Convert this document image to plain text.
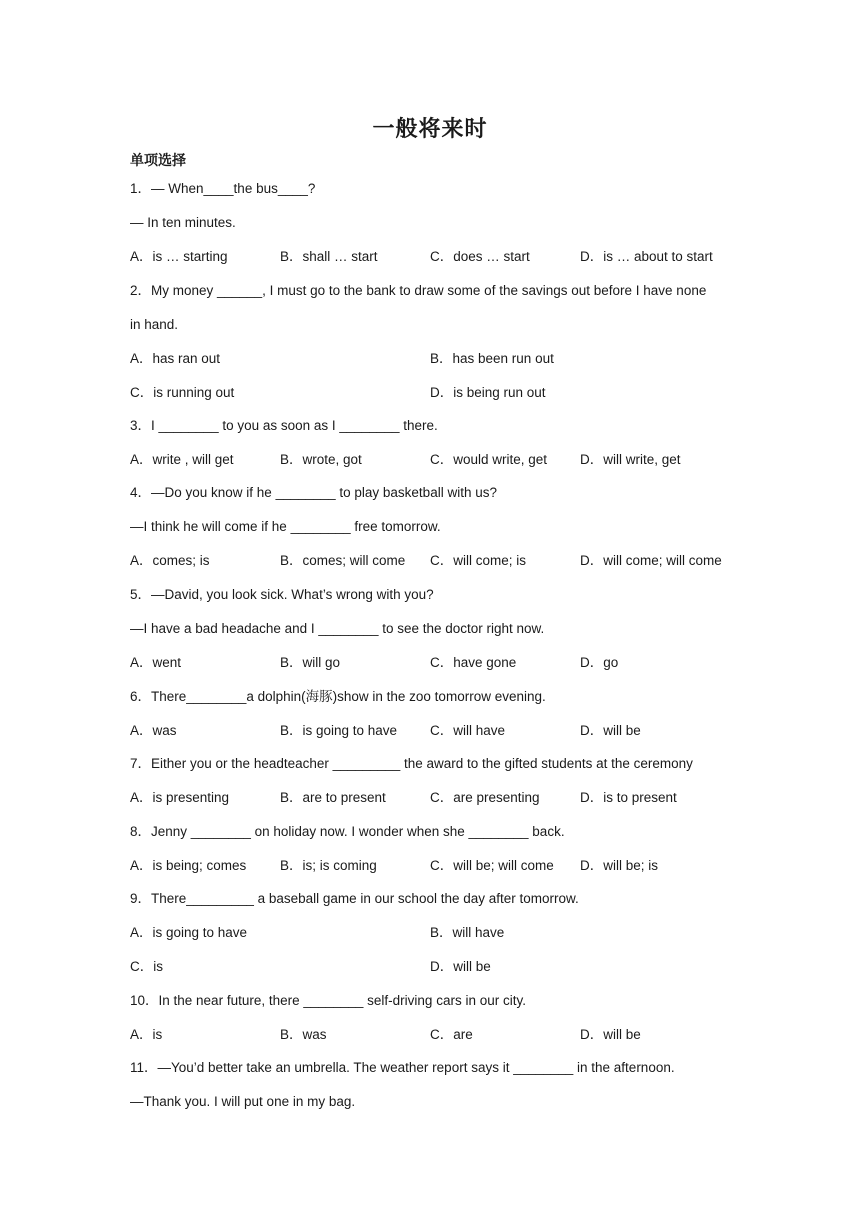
一般将来时
单项选择
1．— When____the bus____?
— In ten minutes.
A．is … starting	B．shall … start	C．does … start	D．is … about to start
2．My money ______, I must go to the bank to draw some of the savings out before I have none
in hand.
A．has ran out	B．has been run out
C．is running out	D．is being run out
3．I ________ to you as soon as I ________ there.
A．write , will get	B．wrote, got	C．would write, get D．will write, get
4．—Do you know if he ________ to play basketball with us?
—I think he will come if he ________ free tomorrow.
A．comes; is	B．comes; will come C．will come; is	D．will come; will come
5．—David, you look sick. What’s wrong with you?
—I have a bad headache and I ________ to see the doctor right now.
A．went	B．will go	C．have gone	D．go
6．There________a dolphin(海豚)show in the zoo tomorrow evening.
A．was	B．is going to have C．will have	D．will be
7．Either you or the headteacher _________ the award to the gifted students at the ceremony
A．is presenting	B．are to present	C．are presenting	D．is to present
8．Jenny ________ on holiday now. I wonder when she ________ back.
A．is being; comes B．is; is coming	C．will be; will come D．will be; is
9．There_________ a baseball game in our school the day after tomorrow.
A．is going to have	B．will have
C．is	D．will be
10．In the near future, there ________ self-driving cars in our city.
A．is	B．was	C．are	D．will be
11．—You’d better take an umbrella. The weather report says it ________ in the afternoon.
—Thank you. I will put one in my bag.
